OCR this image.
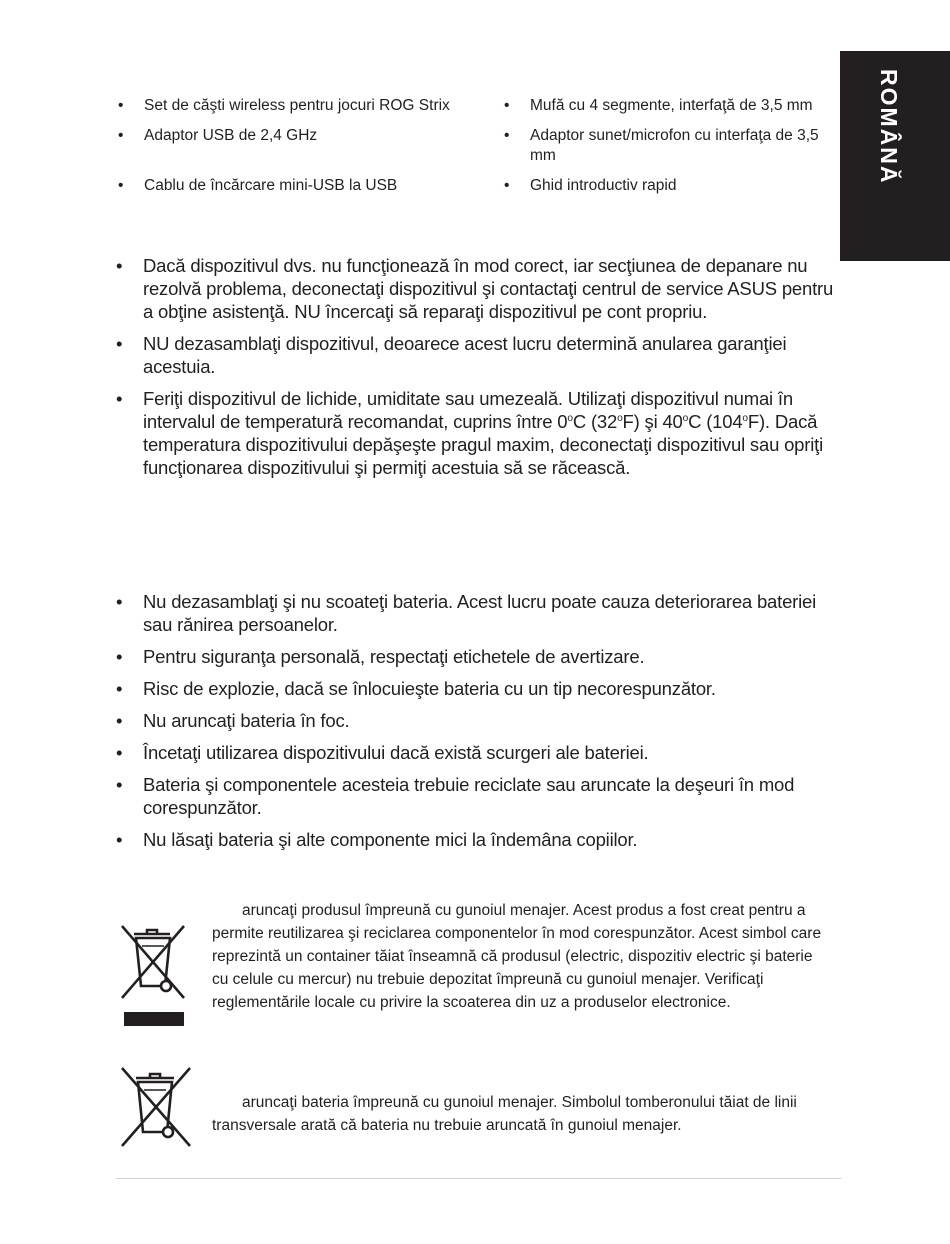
ROMÂNĂ
• Set de căşti wireless pentru jocuri ROG Strix	• Mufă cu 4 segmente, interfaţă de 3,5 mm
• Adaptor USB de 2,4 GHz	• Adaptor sunet/microfon cu interfaţa de 3,5 mm
• Cablu de încărcare mini-USB la USB	• Ghid introductiv rapid
• Dacă dispozitivul dvs. nu funcţionează în mod corect, iar secţiunea de depanare nu rezolvă problema, deconectaţi dispozitivul şi contactaţi centrul de service ASUS pentru a obţine asistenţă. NU încercaţi să reparaţi dispozitivul pe cont propriu.
• NU dezasamblaţi dispozitivul, deoarece acest lucru determină anularea garanţiei acestuia.
• Feriţi dispozitivul de lichide, umiditate sau umezeală. Utilizaţi dispozitivul numai în intervalul de temperatură recomandat, cuprins între 0$^o$C (32$^o$F) şi 40$^o$C (104$^o$F). Dacă temperatura dispozitivului depăşeşte pragul maxim, deconectaţi dispozitivul sau opriţi funcţionarea dispozitivului şi permiţi acestuia să se răcească.
• Nu dezasamblaţi şi nu scoateţi bateria. Acest lucru poate cauza deteriorarea bateriei sau rănirea persoanelor.
• Pentru siguranţa personală, respectaţi etichetele de avertizare.
• Risc de explozie, dacă se înlocuieşte bateria cu un tip necorespunzător.
• Nu aruncaţi bateria în foc.
• Încetaţi utilizarea dispozitivului dacă există scurgeri ale bateriei.
• Bateria şi componentele acesteia trebuie reciclate sau aruncate la deşeuri în mod corespunzător.
• Nu lăsaţi bateria şi alte componente mici la îndemâna copiilor.
aruncaţi produsul împreună cu gunoiul menajer. Acest produs a fost creat pentru a permite reutilizarea şi reciclarea componentelor în mod corespunzător. Acest simbol care reprezintă un container tăiat înseamnă că produsul (electric, dispozitiv electric şi baterie cu celule cu mercur) nu trebuie depozitat împreună cu gunoiul menajer. Verificaţi reglementările locale cu privire la scoaterea din uz a produselor electronice.
aruncaţi bateria împreună cu gunoiul menajer. Simbolul tomberonului tăiat de linii transversale arată că bateria nu trebuie aruncată în gunoiul menajer.
